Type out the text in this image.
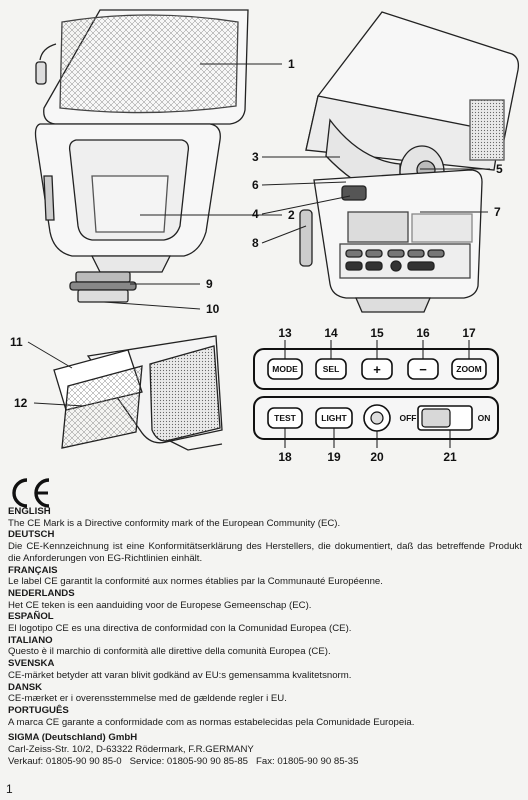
1
2
9
10
3
6
4
8
5
7
11
12
MODE	SEL	+	−	ZOOM
13	14	15	16	17
TEST	LIGHT	OFF	ON
18	19 20	21
ENGLISH
The CE Mark is a Directive conformity mark of the European Community (EC).
DEUTSCH
Die CE-Kennzeichnung ist eine Konformitätserklärung des Herstellers, die dokumentiert, daß das betreffende Produkt die Anforderungen von EG-Richtlinien einhält.
FRANÇAIS
Le label CE garantit la conformité aux normes établies par la Communauté Européenne.
NEDERLANDS
Het CE teken is een aanduiding voor de Europese Gemeenschap (EC).
ESPAÑOL
El logotipo CE es una directiva de conformidad con la Comunidad Europea (CE).
ITALIANO
Questo è il marchio di conformità alle direttive della comunità Europea (CE).
SVENSKA
CE-märket betyder att varan blivit godkänd av EU:s gemensamma kvalitetsnorm.
DANSK
CE-mærket er i overensstemmelse med de gældende regler i EU.
PORTUGUÊS
A marca CE garante a conformidade com as normas estabelecidas pela Comunidade Europeia.
SIGMA (Deutschland) GmbH
Carl-Zeiss-Str. 10/2, D-63322 Rödermark, F.R.GERMANY
Verkauf: 01805-90 90 85-0   Service: 01805-90 90 85-85   Fax: 01805-90 90 85-35
1
